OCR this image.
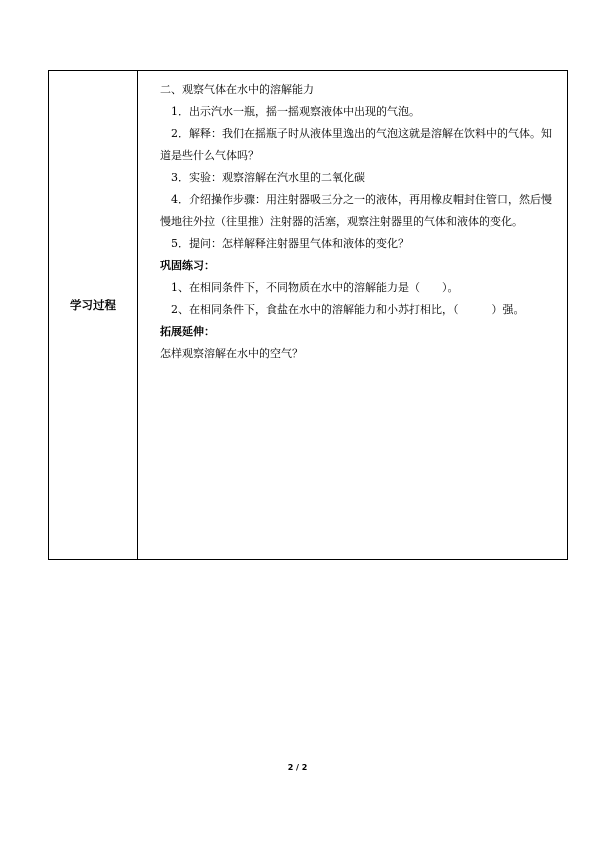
学习过程

二、观察气体在水中的溶解能力

1．出示汽水一瓶，摇一摇观察液体中出现的气泡。

2．解释：我们在摇瓶子时从液体里逸出的气泡这就是溶解在饮料中的气体。知道是些什么气体吗？

3．实验：观察溶解在汽水里的二氧化碳

4．介绍操作步骤：用注射器吸三分之一的液体，再用橡皮帽封住管口，然后慢慢地往外拉（往里推）注射器的活塞，观察注射器里的气体和液体的变化。

5．提问：怎样解释注射器里气体和液体的变化？

巩固练习：

1、在相同条件下，不同物质在水中的溶解能力是（　　）。

2、在相同条件下，食盐在水中的溶解能力和小苏打相比，（　　　）强。

拓展延伸：

怎样观察溶解在水中的空气？

2 / 2
